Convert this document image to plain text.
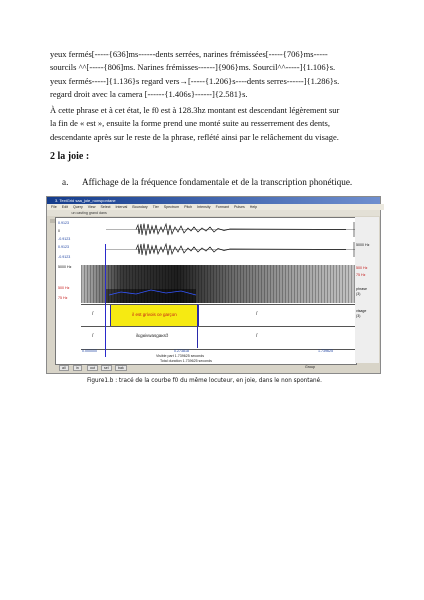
yeux fermés[-----{636]ms------dents serrées, narines frémissées[-----{706}ms-----
sourcils ^^[-----{806]ms. Narines frémisses------]{906}ms. Sourcil^^-----]{1.106}s.
yeux fermés-----]{1.136}s regard vers→[-----{1.206}s----dents serres------]{1.286}s.
regard droit avec la camera [------{1.406s}------]{2.581}s.
À cette phrase et à cet état, le f0 est à 128.3hz montant est descendant légèrement sur
la fin de « est », ensuite la forme prend une monté suite au resserrement des dents,
descendante après sur le reste de la phrase, reflété ainsi par le relâchement du visage.
2 la joie :
a. Affichage de la fréquence fondamentale et de la transcription phonétique.
3. TextGrid saa_joie_nonspontane
File Edit Query View Select Interval Boundary Tier Spectrum Pitch Intensity Formant Pulses Help
$^{un casting grand dans}$
0.9123
0
-0.9123
0.9123
-0.9123
5000 Hz
500 Hz
75 Hz
il est grivois ce garçon
/	/
/	ilɛgʁivwasgaʁsɔ̃	/
0.000000	0.273818	1.739625
Visible part 1.739625 seconds
Total duration 1.739625 seconds
5000 Hz
500 Hz
75 Hz
phrase
(3)
visage
(3)
all	in	out	sel	bak	Group
Figure1.b : tracé de la courbe f0 du même locuteur, en joie, dans le non spontané.
